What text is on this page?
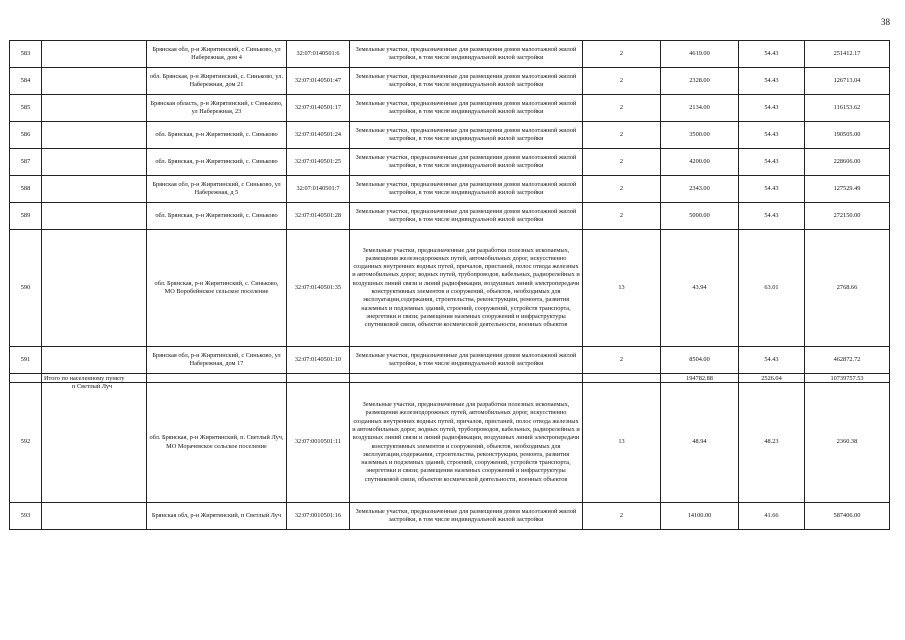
38
583		Брянская обл, р-н Жирятинский, с Синьково, ул Набережная, дом 4	32:07:0140501:6	Земельные участки, предназначенные для размещения домов малоэтажной жилой застройки, в том числе индивидуальной жилой застройки	2	4619.00	54.43	251412.17
584		обл. Брянская, р-н Жирятинский, с. Синьково, ул. Набережная, дом 21	32:07:0140501:47	Земельные участки, предназначенные для размещения домов малоэтажной жилой застройки, в том числе индивидуальной жилой застройки	2	2328.00	54.43	126713.04
585		Брянская область, р-н Жирятинский, с Синьково, ул Набережная, 23	32:07:0140501:17	Земельные участки, предназначенные для размещения домов малоэтажной жилой застройки, в том числе индивидуальной жилой застройки	2	2134.00	54.43	116153.62
586		обл. Брянская, р-н Жирятинский, с. Синьково	32:07:0140501:24	Земельные участки, предназначенные для размещения домов малоэтажной жилой застройки, в том числе индивидуальной жилой застройки	2	3500.00	54.43	190505.00
587		обл. Брянская, р-н Жирятинский, с. Синьково	32:07:0140501:25	Земельные участки, предназначенные для размещения домов малоэтажной жилой застройки, в том числе индивидуальной жилой застройки	2	4200.00	54.43	228606.00
588		Брянская обл, р-н Жирятинский, с Синьково, ул Набережная, д 5	32:07:0140501:7	Земельные участки, предназначенные для размещения домов малоэтажной жилой застройки, в том числе индивидуальной жилой застройки	2	2343.00	54.43	127529.49
589		обл. Брянская, р-н Жирятинский, с. Синьково	32:07:0140501:28	Земельные участки, предназначенные для размещения домов малоэтажной жилой застройки, в том числе индивидуальной жилой застройки	2	5000.00	54.43	272150.00
590		обл. Брянская, р-н Жирятинский, с. Синьково, МО Воробейнское сельское поселение	32:07:0140501:35	Земельные участки, предназначенные для разработки полезных ископаемых, размещения железнодорожных путей, автомобильных дорог, искусственно созданных внутренних водных путей, причалов, пристаней, полос отвода железных и автомобильных дорог, водных путей, трубопроводов, кабельных, радиорелейных и воздушных линий связи и линий радиофикации, воздушных линий электропередачи конструктивных элементов и сооружений, объектов, необходимых для эксплуатации,содержания, строительства, реконструкции, ремонта, развития наземных и подземных зданий, строений, сооружений, устройств транспорта, энергетики и связи; размещения наземных сооружений и инфраструктуры спутниковой связи, объектов космической деятельности, военных объектов	13	43.94	63.01	2768.66
591		Брянская обл, р-н Жирятинский, с Синьково, ул Набережная, дом 17	32:07:0140501:10	Земельные участки, предназначенные для размещения домов малоэтажной жилой застройки, в том числе индивидуальной жилой застройки	2	8504.00	54.43	462872.72
	Итого по населенному пункту					194782.88	2526.04	10739757.53
592	п Светлый Луч	обл. Брянская, р-н Жирятинский, п. Светлый Луч, МО Морачевское сельское поселение	32:07:0010501:11	Земельные участки, предназначенные для разработки полезных ископаемых, размещения железнодорожных путей, автомобильных дорог, искусственно созданных внутренних водных путей, причалов, пристаней, полос отвода железных и автомобильных дорог, водных путей, трубопроводов, кабельных, радиорелейных и воздушных линий связи и линий радиофикации, воздушных линий электропередачи конструктивных элементов и сооружений, объектов, необходимых для эксплуатации,содержания, строительства, реконструкции, ремонта, развития наземных и подземных зданий, строений, сооружений, устройств транспорта, энергетики и связи; размещения наземных сооружений и инфраструктуры спутниковой связи, объектов космической деятельности, военных объектов	13	48.94	48.23	2360.38
593		Брянская обл, р-н Жирятинский, п Светлый Луч	32:07:0010501:16	Земельные участки, предназначенные для размещения домов малоэтажной жилой застройки, в том числе индивидуальной жилой застройки	2	14100.00	41.66	587406.00
